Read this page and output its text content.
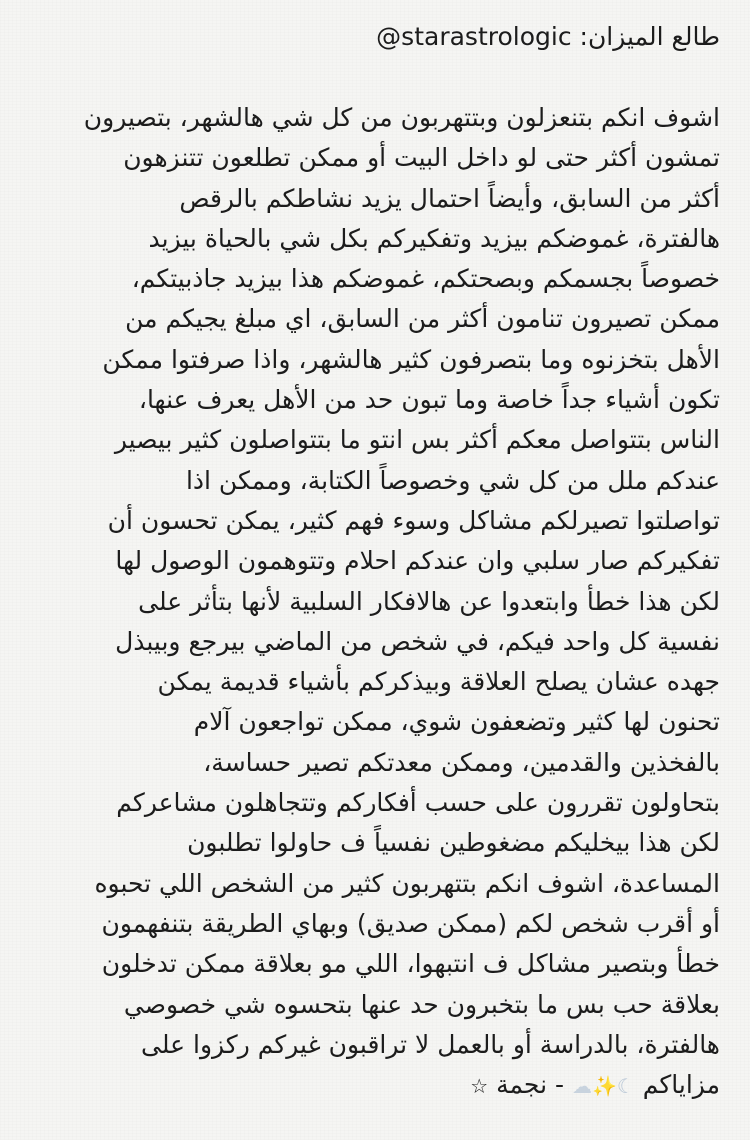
طالع الميزان: starastrologic@
اشوف انكم بتنعزلون وبتتهربون من كل شي هالشهر، بتصيرون
تمشون أكثر حتى لو داخل البيت أو ممكن تطلعون تتنزهون
أكثر من السابق، وأيضاً احتمال يزيد نشاطكم بالرقص
هالفترة، غموضكم بيزيد وتفكيركم بكل شي بالحياة بيزيد
خصوصاً بجسمكم وبصحتكم، غموضكم هذا بيزيد جاذبيتكم،
ممكن تصيرون تنامون أكثر من السابق، اي مبلغ يجيكم من
الأهل بتخزنوه وما بتصرفون كثير هالشهر، واذا صرفتوا ممكن
تكون أشياء جداً خاصة وما تبون حد من الأهل يعرف عنها،
الناس بتتواصل معكم أكثر بس انتو ما بتتواصلون كثير بيصير
عندكم ملل من كل شي وخصوصاً الكتابة، وممكن اذا
تواصلتوا تصيرلكم مشاكل وسوء فهم كثير، يمكن تحسون أن
تفكيركم صار سلبي وان عندكم احلام وتتوهمون الوصول لها
لكن هذا خطأ وابتعدوا عن هالافكار السلبية لأنها بتأثر على
نفسية كل واحد فيكم، في شخص من الماضي بيرجع وبيبذل
جهده عشان يصلح العلاقة وبيذكركم بأشياء قديمة يمكن
تحنون لها كثير وتضعفون شوي، ممكن تواجعون آلام
بالفخذين والقدمين، وممكن معدتكم تصير حساسة،
بتحاولون تقررون على حسب أفكاركم وتتجاهلون مشاعركم
لكن هذا بيخليكم مضغوطين نفسياً ف حاولوا تطلبون
المساعدة، اشوف انكم بتتهربون كثير من الشخص اللي تحبوه
أو أقرب شخص لكم (ممكن صديق) وبهاي الطريقة بتنفهمون
خطأ وبتصير مشاكل ف انتبهوا، اللي مو بعلاقة ممكن تدخلون
بعلاقة حب بس ما بتخبرون حد عنها بتحسوه شي خصوصي
هالفترة، بالدراسة أو بالعمل لا تراقبون غيركم ركزوا على
مزاياكم ☾✨☁ - نجمة ☆
